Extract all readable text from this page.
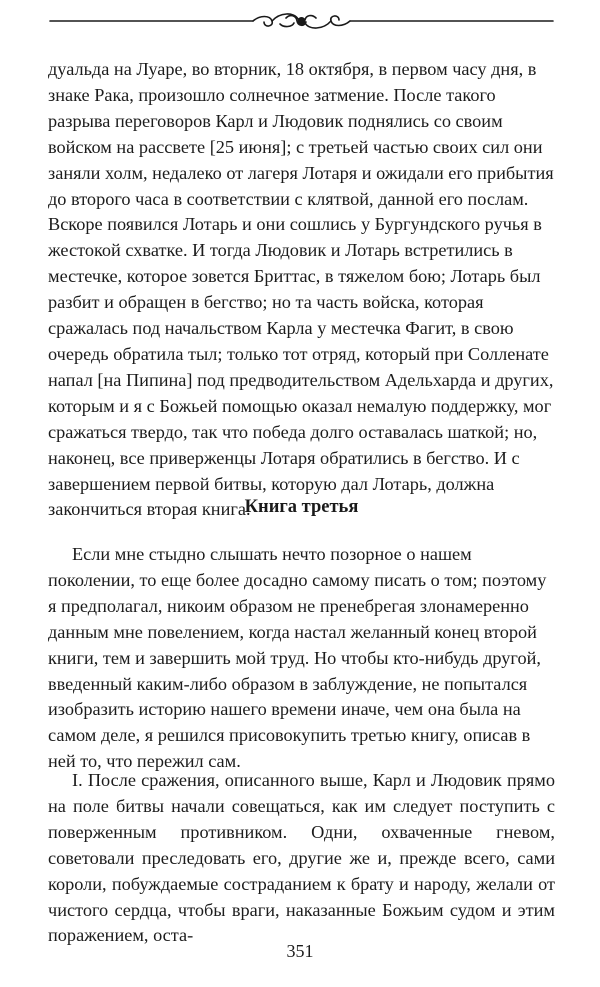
дуальда на Луаре, во вторник, 18 октября, в первом часу дня, в знаке Рака, произошло солнечное затмение. После такого разрыва переговоров Карл и Людовик поднялись со своим войском на рассвете [25 июня]; с третьей частью своих сил они заняли холм, недалеко от лагеря Лотаря и ожидали его прибытия до второго часа в соответствии с клятвой, данной его послам. Вскоре появился Лотарь и они сошлись у Бургундского ручья в жестокой схватке. И тогда Людовик и Лотарь встретились в местечке, которое зовется Бриттас, в тяжелом бою; Лотарь был разбит и обращен в бегство; но та часть войска, которая сражалась под начальством Карла у местечка Фагит, в свою очередь обратила тыл; только тот отряд, который при Солленате напал [на Пипина] под предводительством Адельхарда и других, которым и я с Божьей помощью оказал немалую поддержку, мог сражаться твердо, так что победа долго оставалась шаткой; но, наконец, все приверженцы Лотаря обратились в бегство. И с завершением первой битвы, которую дал Лотарь, должна закончиться вторая книга.

Книга третья

Если мне стыдно слышать нечто позорное о нашем поколении, то еще более досадно самому писать о том; поэтому я предполагал, никоим образом не пренебрегая злонамеренно данным мне повелением, когда настал желанный конец второй книги, тем и завершить мой труд. Но чтобы кто-нибудь другой, введенный каким-либо образом в заблуждение, не попытался изобразить историю нашего времени иначе, чем она была на самом деле, я решился присовокупить третью книгу, описав в ней то, что пережил сам.

I. После сражения, описанного выше, Карл и Людовик прямо на поле битвы начали совещаться, как им следует поступить с поверженным противником. Одни, охваченные гневом, советовали преследовать его, другие же и, прежде всего, сами короли, побуждаемые состраданием к брату и народу, желали от чистого сердца, чтобы враги, наказанные Божьим судом и этим поражением, оста-

351
